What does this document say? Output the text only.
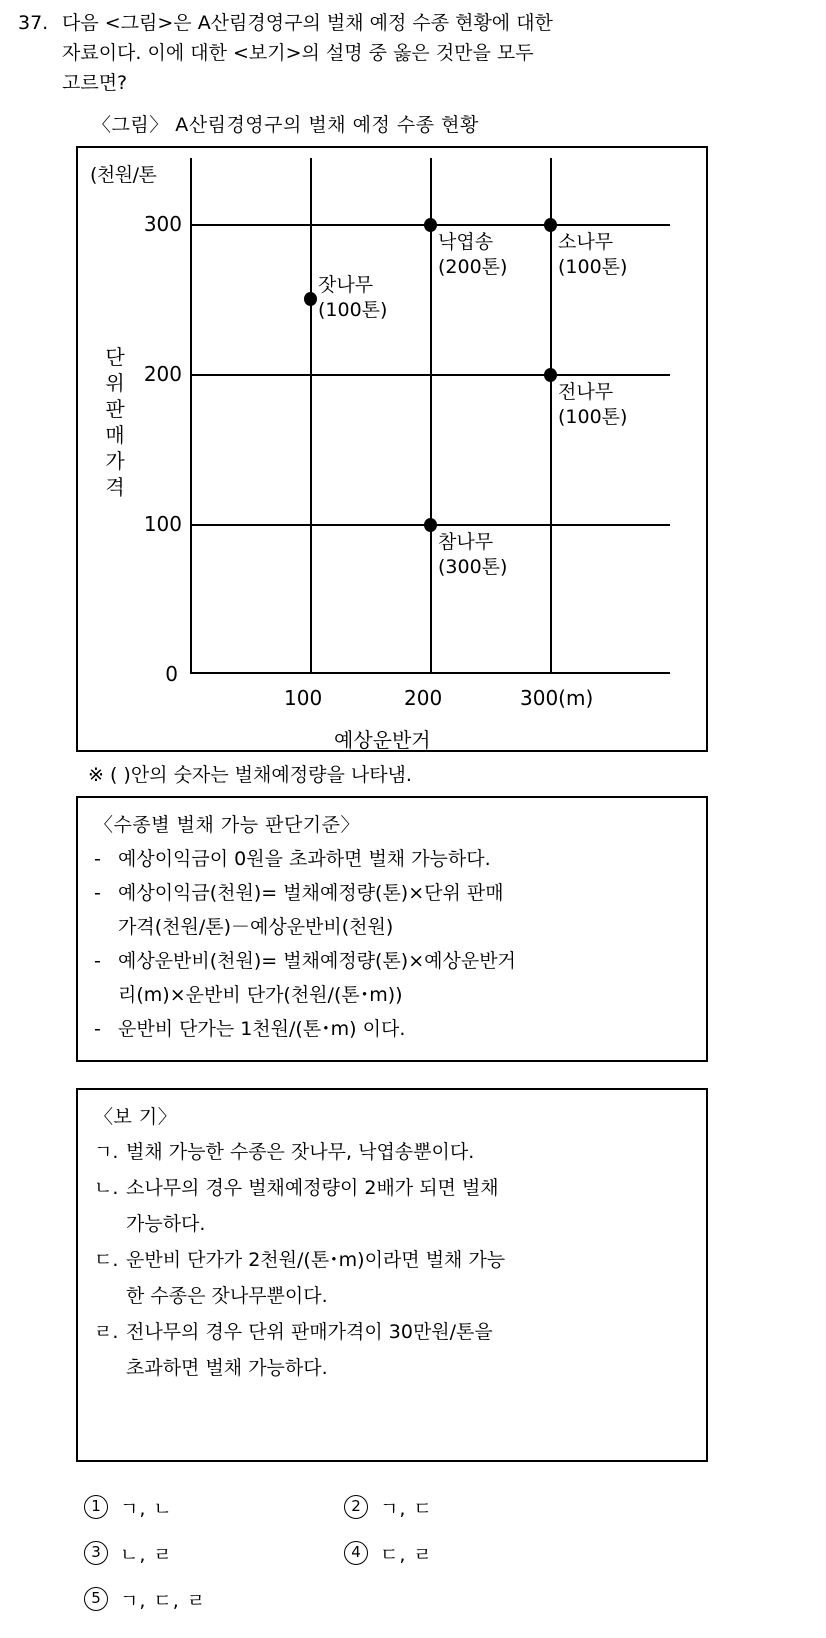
37. 다음 <그림>은 A산림경영구의 벌채 예정 수종 현황에 대한
자료이다. 이에 대한 <보기>의 설명 중 옳은 것만을 모두
고르면?
〈그림〉 A산림경영구의 벌채 예정 수종 현황
(천원/톤
단위 판매가격
300
200
100
0
100	200	300(m)
예상운반거
잣나무
(100톤)
낙엽송
(200톤)
소나무
(100톤)
전나무
(100톤)
참나무
(300톤)
※ ( )안의 숫자는 벌채예정량을 나타냄.
〈수종별 벌채 가능 판단기준〉
- 예상이익금이 0원을 초과하면 벌채 가능하다.
- 예상이익금(천원)= 벌채예정량(톤)×단위 판매
가격(천원/톤)－예상운반비(천원)
- 예상운반비(천원)= 벌채예정량(톤)×예상운반거
리(m)×운반비 단가(천원/(톤･m))
- 운반비 단가는 1천원/(톤･m) 이다.
〈보 기〉
ㄱ. 벌채 가능한 수종은 잣나무, 낙엽송뿐이다.
ㄴ. 소나무의 경우 벌채예정량이 2배가 되면 벌채
가능하다.
ㄷ. 운반비 단가가 2천원/(톤･m)이라면 벌채 가능
한 수종은 잣나무뿐이다.
ㄹ. 전나무의 경우 단위 판매가격이 30만원/톤을
초과하면 벌채 가능하다.
1	ㄱ, ㄴ	2	ㄱ, ㄷ
3	ㄴ, ㄹ	4	ㄷ, ㄹ
5	ㄱ, ㄷ, ㄹ
